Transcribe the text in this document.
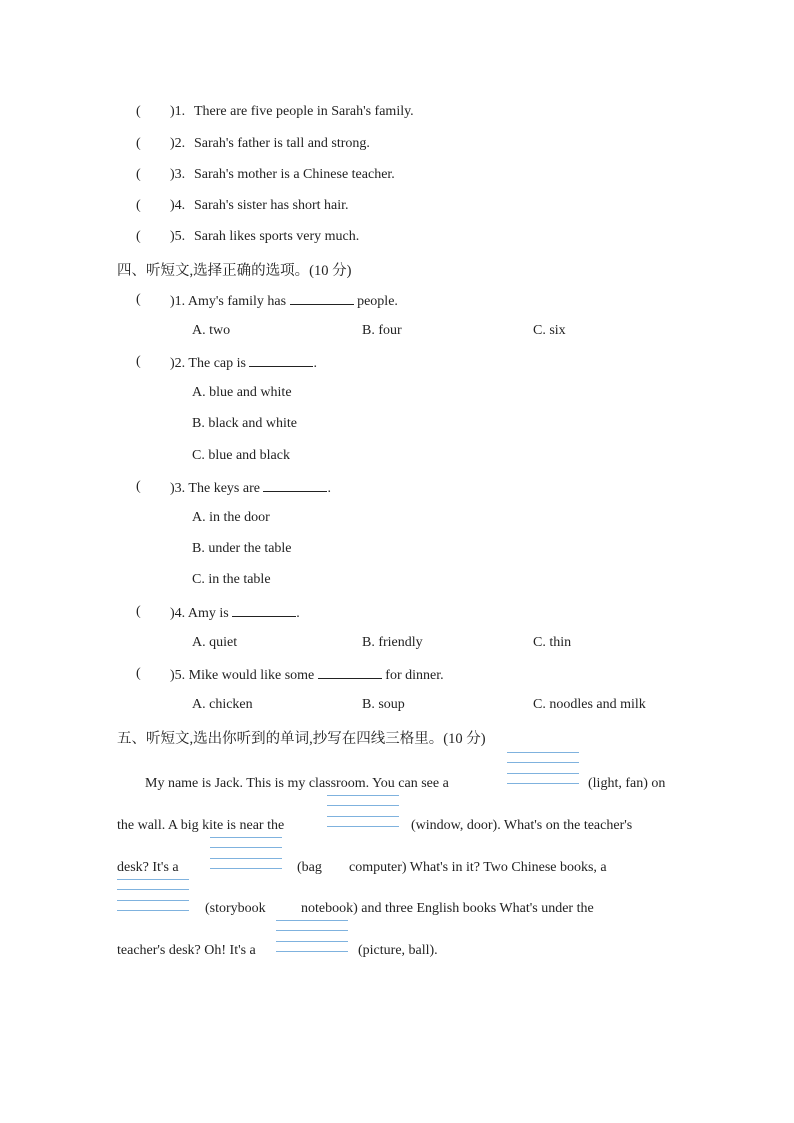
( )1. There are five people in Sarah's family.
( )2. Sarah's father is tall and strong.
( )3. Sarah's mother is a Chinese teacher.
( )4. Sarah's sister has short hair.
( )5. Sarah likes sports very much.
四、听短文,选择正确的选项。(10 分)
( )1. Amy's family has	people.
A. two	B. four	C. six
( )2. The cap is	.
A. blue and white
B. black and white
C. blue and black
( )3. The keys are	.
A. in the door
B. under the table
C. in the table
( )4. Amy is	.
A. quiet	B. friendly	C. thin
( )5. Mike would like some	for dinner.
A. chicken	B. soup	C. noodles and milk
五、听短文,选出你听到的单词,抄写在四线三格里。(10 分)
My name is Jack. This is my classroom. You can see a	(light, fan) on
the wall. A big kite is near the	(window, door). What's on the teacher's
desk? It's a	(bag computer) What's in it? Two Chinese books, a
(storybook	notebook) and three English books What's under the
teacher's desk? Oh! It's a	(picture, ball).
